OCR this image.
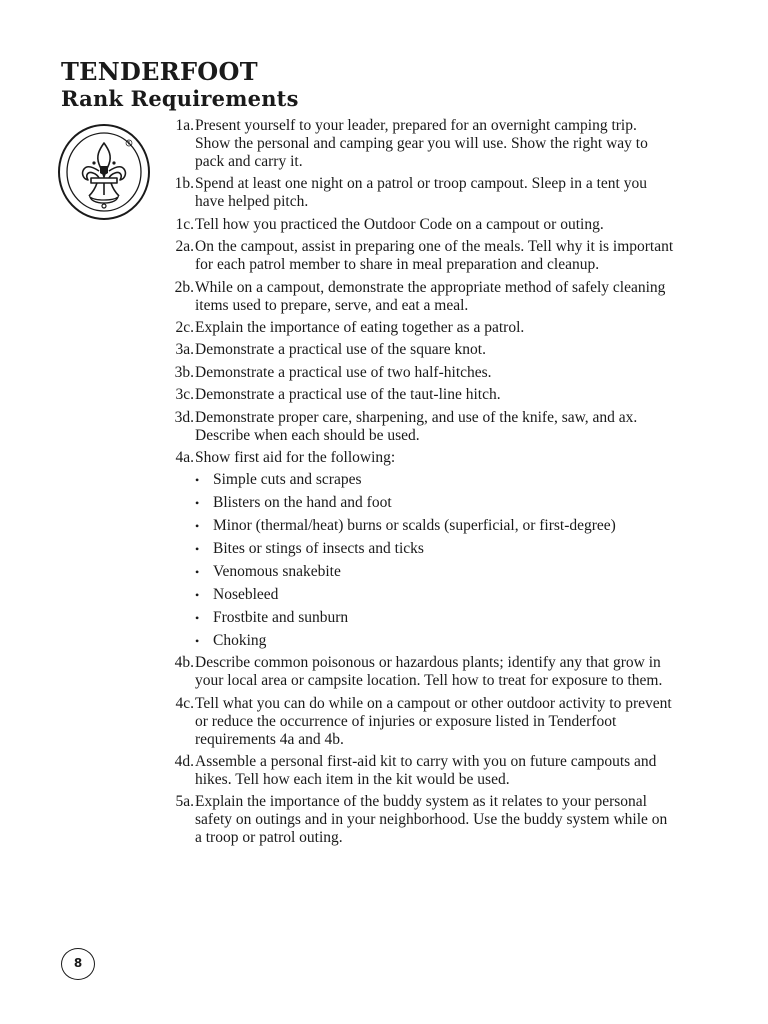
TENDERFOOT
Rank Requirements
R
1a. Present yourself to your leader, prepared for an overnight camping trip. Show the personal and camping gear you will use. Show the right way to pack and carry it.
1b. Spend at least one night on a patrol or troop campout. Sleep in a tent you have helped pitch.
1c. Tell how you practiced the Outdoor Code on a campout or outing.
2a. On the campout, assist in preparing one of the meals. Tell why it is important for each patrol member to share in meal preparation and cleanup.
2b. While on a campout, demonstrate the appropriate method of safely cleaning items used to prepare, serve, and eat a meal.
2c. Explain the importance of eating together as a patrol.
3a. Demonstrate a practical use of the square knot.
3b. Demonstrate a practical use of two half-hitches.
3c. Demonstrate a practical use of the taut-line hitch.
3d. Demonstrate proper care, sharpening, and use of the knife, saw, and ax. Describe when each should be used.
4a. Show first aid for the following:
• Simple cuts and scrapes
• Blisters on the hand and foot
• Minor (thermal/heat) burns or scalds (superficial, or first-degree)
• Bites or stings of insects and ticks
• Venomous snakebite
• Nosebleed
• Frostbite and sunburn
• Choking
4b. Describe common poisonous or hazardous plants; identify any that grow in your local area or campsite location. Tell how to treat for exposure to them.
4c. Tell what you can do while on a campout or other outdoor activity to prevent or reduce the occurrence of injuries or exposure listed in Tenderfoot requirements 4a and 4b.
4d. Assemble a personal first-aid kit to carry with you on future campouts and hikes. Tell how each item in the kit would be used.
5a. Explain the importance of the buddy system as it relates to your personal safety on outings and in your neighborhood. Use the buddy system while on a troop or patrol outing.
8
